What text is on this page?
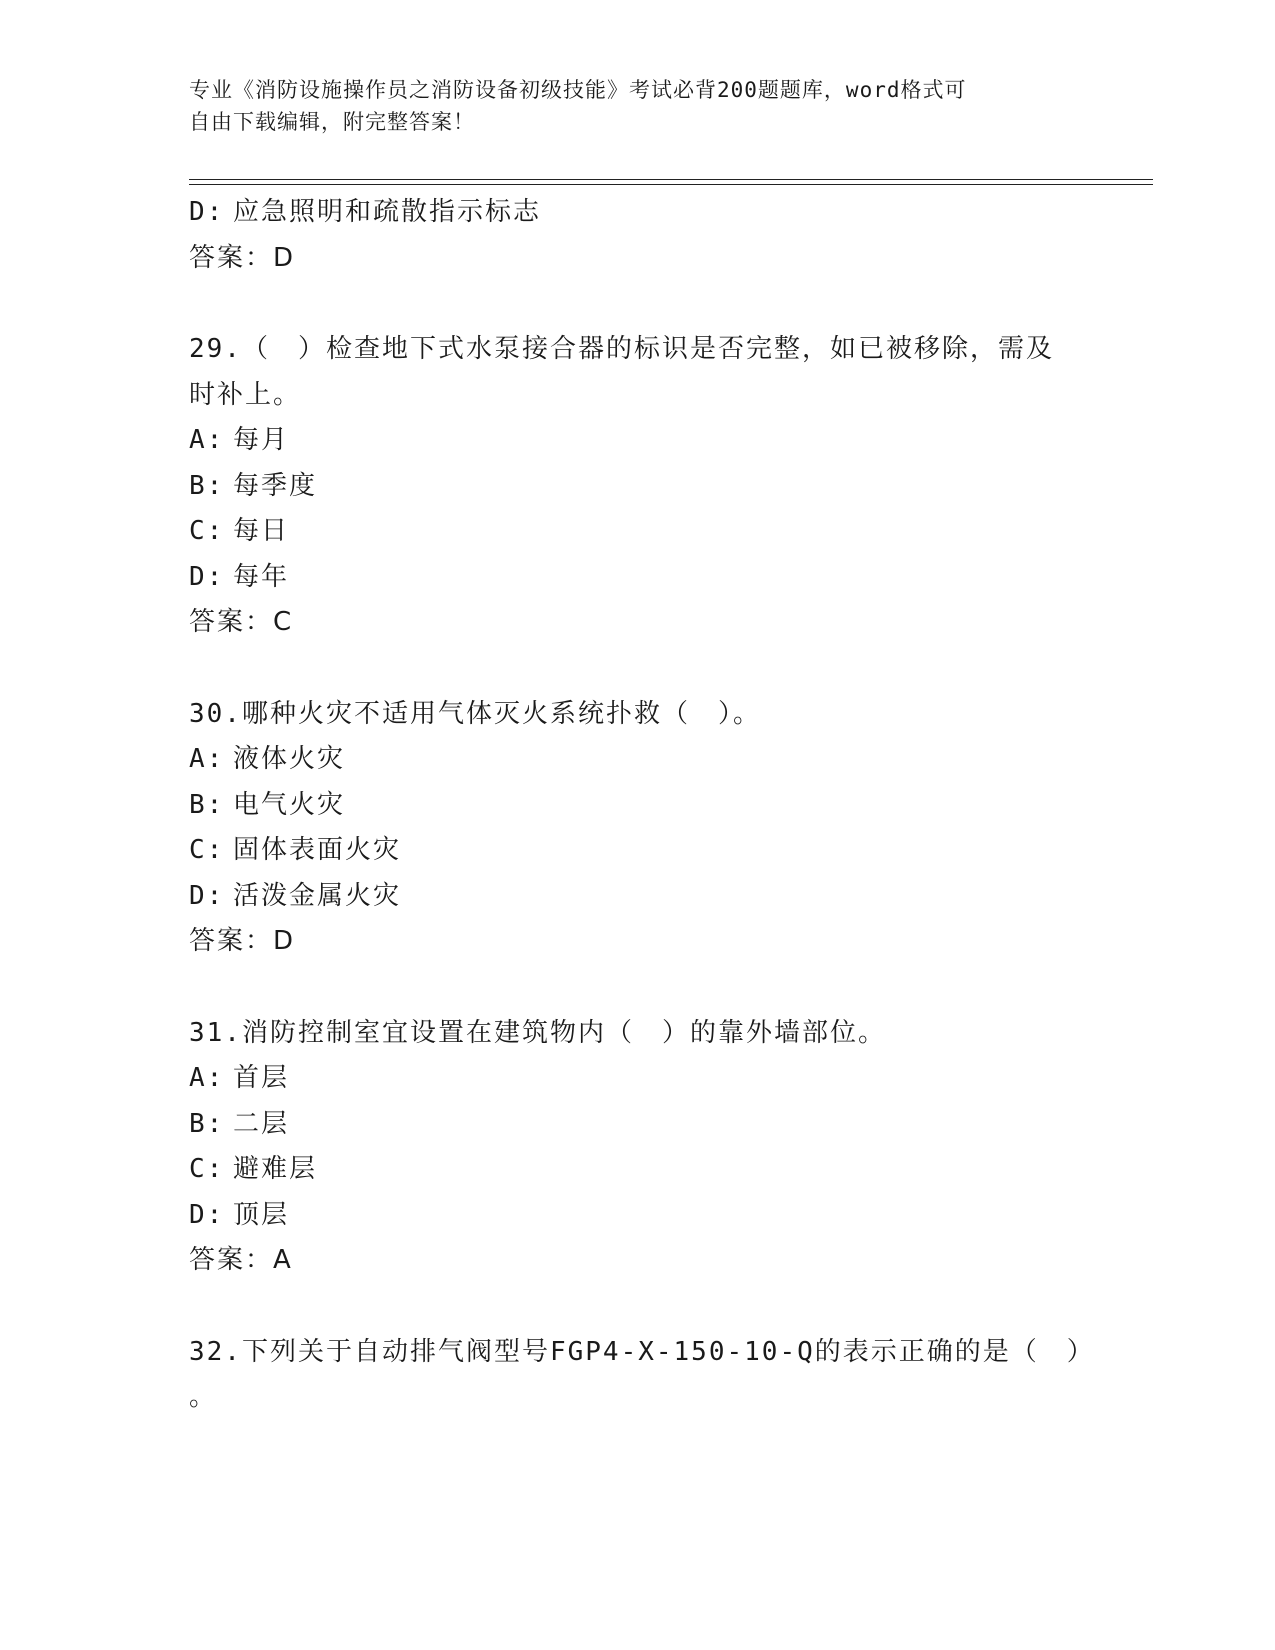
专业《消防设施操作员之消防设备初级技能》考试必背200题题库，word格式可
自由下载编辑，附完整答案！
D: 应急照明和疏散指示标志
答案：D
29.（　）检查地下式水泵接合器的标识是否完整，如已被移除，需及
时补上。
A: 每月
B: 每季度
C: 每日
D: 每年
答案：C
30.哪种火灾不适用气体灭火系统扑救（　）。
A: 液体火灾
B: 电气火灾
C: 固体表面火灾
D: 活泼金属火灾
答案：D
31.消防控制室宜设置在建筑物内（　）的靠外墙部位。
A: 首层
B: 二层
C: 避难层
D: 顶层
答案：A
32.下列关于自动排气阀型号FGP4-X-150-10-Q的表示正确的是（　）
。
